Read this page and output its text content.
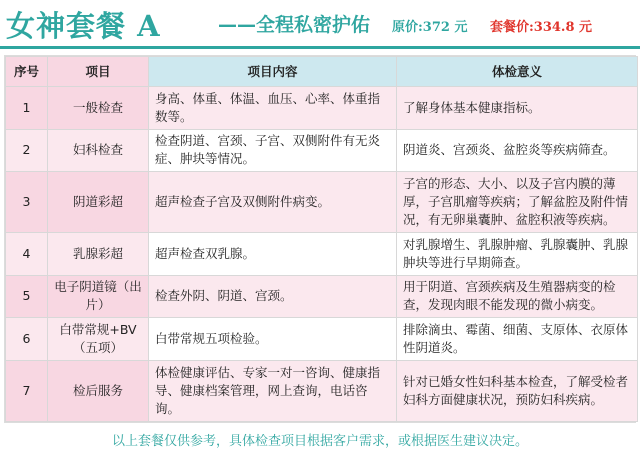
女神套餐 A	——全程私密护佑 原价:372 元 套餐价:334.8 元
序号	项目	项目内容	体检意义
1	一般检查	身高、体重、体温、血压、心率、体重指数等。	了解身体基本健康指标。
2	妇科检查	检查阴道、宫颈、子宫、双侧附件有无炎症、肿块等情况。	阴道炎、宫颈炎、盆腔炎等疾病筛查。
3	阴道彩超	超声检查子宫及双侧附件病变。	子宫的形态、大小、以及子宫内膜的薄厚，子宫肌瘤等疾病；了解盆腔及附件情况，有无卵巢囊肿、盆腔积液等疾病。
4	乳腺彩超	超声检查双乳腺。	对乳腺增生、乳腺肿瘤、乳腺囊肿、乳腺肿块等进行早期筛查。
5	电子阴道镜（出片）	检查外阴、阴道、宫颈。	用于阴道、宫颈疾病及生殖器病变的检查，发现肉眼不能发现的微小病变。
6	白带常规+BV（五项）	白带常规五项检验。	排除滴虫、霉菌、细菌、支原体、衣原体性阴道炎。
7	检后服务	体检健康评估、专家一对一咨询、健康指导、健康档案管理，网上查询，电话咨询。	针对已婚女性妇科基本检查，了解受检者妇科方面健康状况，预防妇科疾病。
以上套餐仅供参考，具体检查项目根据客户需求，或根据医生建议决定。
